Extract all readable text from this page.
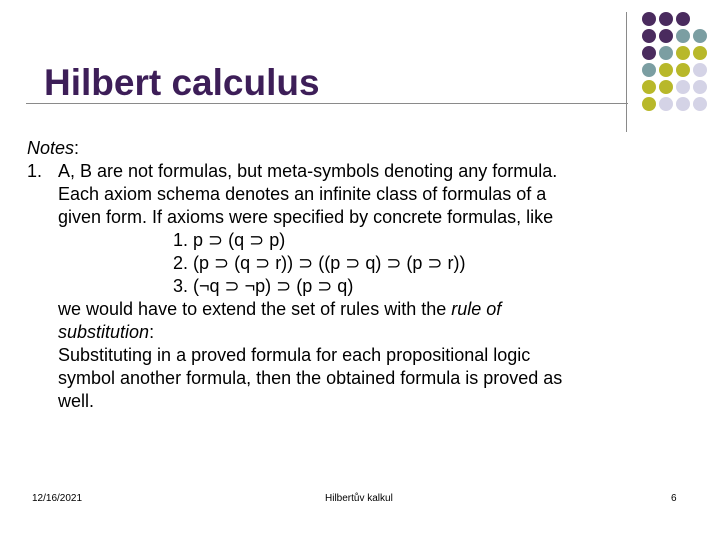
Hilbert calculus
Notes:
1. A, B are not formulas, but meta-symbols denoting any formula.
Each axiom schema denotes an infinite class of formulas of a
given form. If axioms were specified by concrete formulas, like
1. p ⊃ (q ⊃ p)
2. (p ⊃ (q ⊃ r)) ⊃ ((p ⊃ q) ⊃ (p ⊃ r))
3. (¬q ⊃ ¬p) ⊃ (p ⊃ q)
we would have to extend the set of rules with the rule of
substitution:
Substituting in a proved formula for each propositional logic
symbol another formula, then the obtained formula is proved as
well.
12/16/2021	Hilbertův kalkul	6
